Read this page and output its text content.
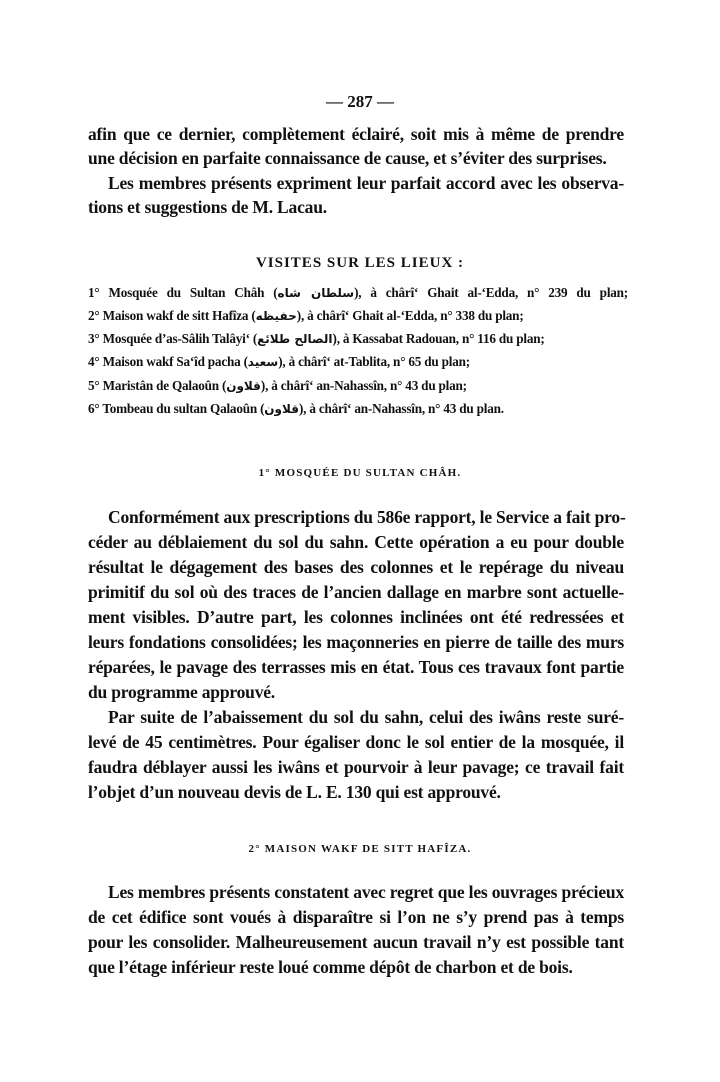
— 287 —
afin que ce dernier, complètement éclairé, soit mis à même de prendre
une décision en parfaite connaissance de cause, et s’éviter des surprises.
Les membres présents expriment leur parfait accord avec les observa-
tions et suggestions de M. Lacau.
VISITES SUR LES LIEUX :
1° Mosquée du Sultan Châh (سلطان شاه), à chârî‘ Ghait al-‘Edda, n° 239 du plan;
2° Maison wakf de sitt Hafîza (حفيظه), à chârî‘ Ghait al-‘Edda, n° 338 du plan;
3° Mosquée d’as-Sâlih Talâyi‘ (الصالح طلائع), à Kassabat Radouan, n° 116 du plan;
4° Maison wakf Sa‘îd pacha (سعيد), à chârî‘ at-Tablita, n° 65 du plan;
5° Maristân de Qalaoûn (قلاون), à chârî‘ an-Nahassîn, n° 43 du plan;
6° Tombeau du sultan Qalaoûn (قلاون), à chârî‘ an-Nahassîn, n° 43 du plan.
1° MOSQUÉE DU SULTAN CHÂH.
Conformément aux prescriptions du 586e rapport, le Service a fait pro-
céder au déblaiement du sol du sahn. Cette opération a eu pour double
résultat le dégagement des bases des colonnes et le repérage du niveau
primitif du sol où des traces de l’ancien dallage en marbre sont actuelle-
ment visibles. D’autre part, les colonnes inclinées ont été redressées et
leurs fondations consolidées; les maçonneries en pierre de taille des murs
réparées, le pavage des terrasses mis en état. Tous ces travaux font partie
du programme approuvé.
Par suite de l’abaissement du sol du sahn, celui des iwâns reste suré-
levé de 45 centimètres. Pour égaliser donc le sol entier de la mosquée, il
faudra déblayer aussi les iwâns et pourvoir à leur pavage; ce travail fait
l’objet d’un nouveau devis de L. E. 130 qui est approuvé.
2° MAISON WAKF DE SITT HAFÎZA.
Les membres présents constatent avec regret que les ouvrages précieux
de cet édifice sont voués à disparaître si l’on ne s’y prend pas à temps
pour les consolider. Malheureusement aucun travail n’y est possible tant
que l’étage inférieur reste loué comme dépôt de charbon et de bois.
